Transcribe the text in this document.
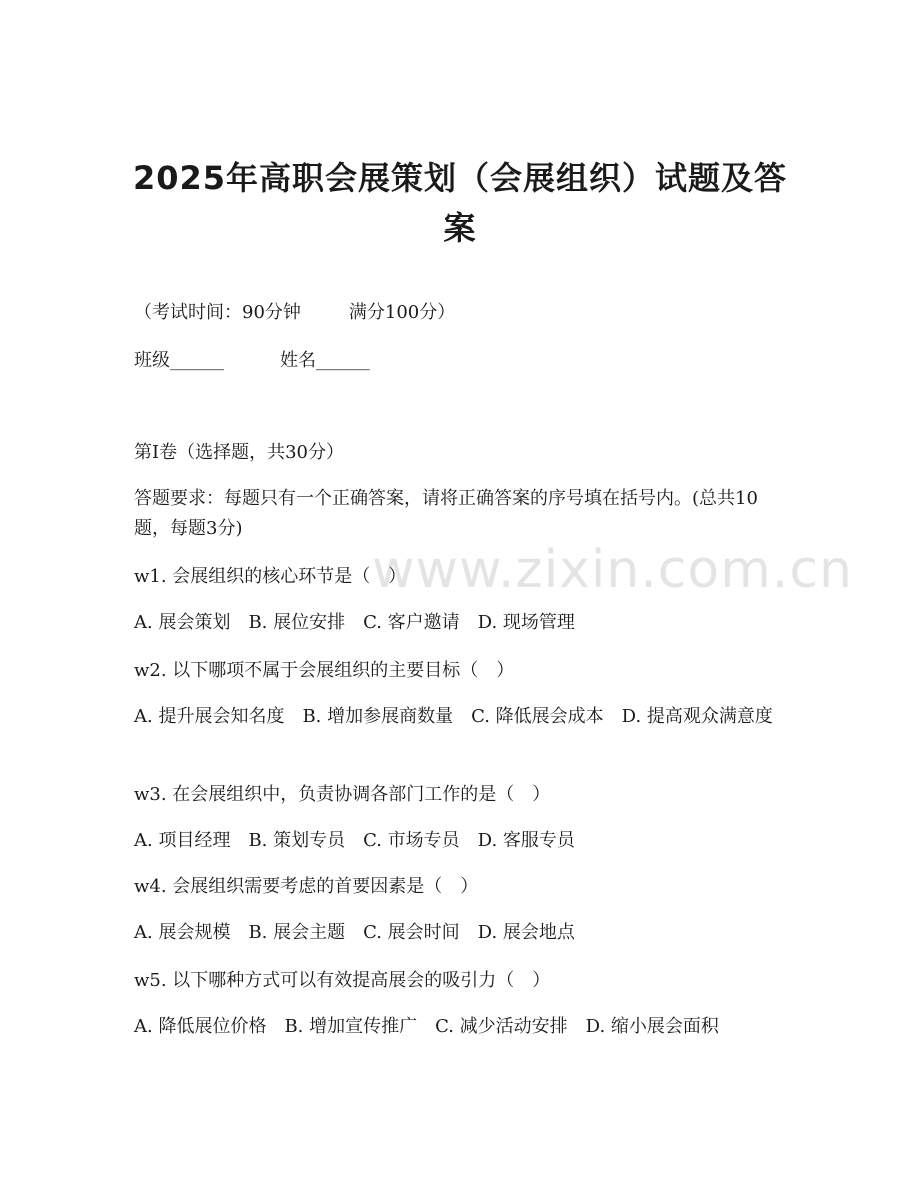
www.zixin.com.cn
2025年高职会展策划（会展组织）试题及答
案
（考试时间：90分钟	满分100分）
班级______	姓名______
第I卷（选择题，共30分）
答题要求：每题只有一个正确答案，请将正确答案的序号填在括号内。(总共10题，每题3分)
w1. 会展组织的核心环节是（　）
A. 展会策划　B. 展位安排　C. 客户邀请　D. 现场管理
w2. 以下哪项不属于会展组织的主要目标（　）
A. 提升展会知名度　B. 增加参展商数量　C. 降低展会成本　D. 提高观众满意度
w3. 在会展组织中，负责协调各部门工作的是（　）
A. 项目经理　B. 策划专员　C. 市场专员　D. 客服专员
w4. 会展组织需要考虑的首要因素是（　）
A. 展会规模　B. 展会主题　C. 展会时间　D. 展会地点
w5. 以下哪种方式可以有效提高展会的吸引力（　）
A. 降低展位价格　B. 增加宣传推广　C. 减少活动安排　D. 缩小展会面积
